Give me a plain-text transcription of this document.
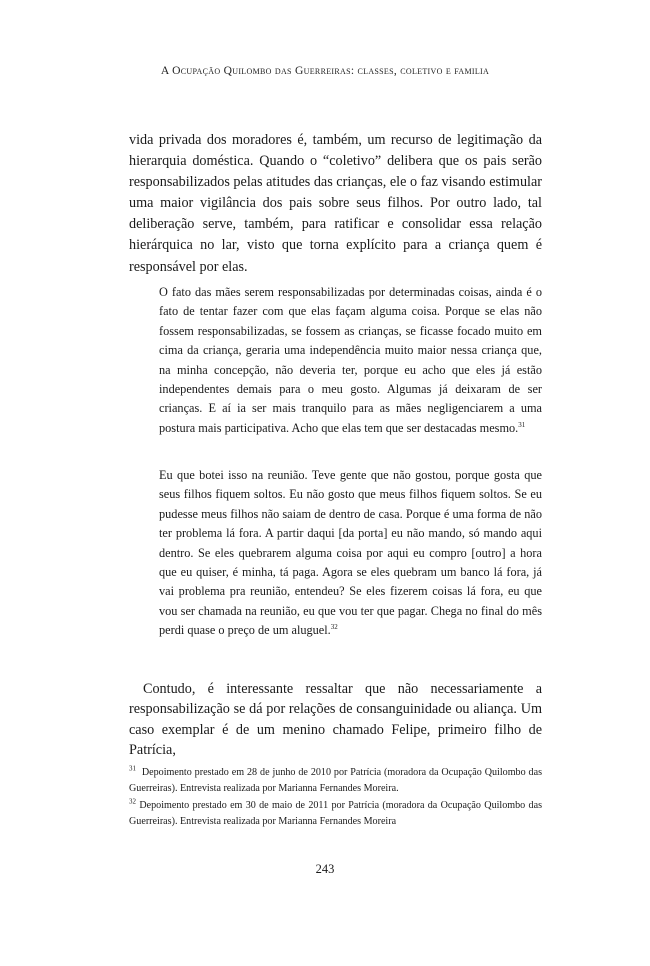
A Ocupação Quilombo das Guerreiras: classes, coletivo e familia

vida privada dos moradores é, também, um recurso de legitimação da hierarquia doméstica. Quando o “coletivo” delibera que os pais serão responsabilizados pelas atitudes das crianças, ele o faz visando estimular uma maior vigilância dos pais sobre seus filhos. Por outro lado, tal deliberação serve, também, para ratificar e consolidar essa relação hierárquica no lar, visto que torna explícito para a criança quem é responsável por elas.

O fato das mães serem responsabilizadas por determinadas coisas, ainda é o fato de tentar fazer com que elas façam alguma coisa. Porque se elas não fossem responsabilizadas, se fossem as crianças, se ficasse focado muito em cima da criança, geraria uma independência muito maior nessa criança que, na minha concepção, não deveria ter, porque eu acho que eles já estão independentes demais para o meu gosto. Algumas já deixaram de ser crianças. E aí ia ser mais tranquilo para as mães negligenciarem a uma postura mais participativa. Acho que elas tem que ser destacadas mesmo.$^{31}$

Eu que botei isso na reunião. Teve gente que não gostou, porque gosta que seus filhos fiquem soltos. Eu não gosto que meus filhos fiquem soltos. Se eu pudesse meus filhos não saiam de dentro de casa. Porque é uma forma de não ter problema lá fora. A partir daqui [da porta] eu não mando, só mando aqui dentro. Se eles quebrarem alguma coisa por aqui eu compro [outro] a hora que eu quiser, é minha, tá paga. Agora se eles quebram um banco lá fora, já vai problema pra reunião, entendeu? Se eles fizerem coisas lá fora, eu que vou ser chamada na reunião, eu que vou ter que pagar. Chega no final do mês perdi quase o preço de um aluguel.$^{32}$

Contudo, é interessante ressaltar que não necessariamente a responsabilização se dá por relações de consanguinidade ou aliança. Um caso exemplar é de um menino chamado Felipe, primeiro filho de Patrícia,

$^{31}$ Depoimento prestado em 28 de junho de 2010 por Patrícia (moradora da Ocupação Quilombo das Guerreiras). Entrevista realizada por Marianna Fernandes Moreira.

$^{32}$ Depoimento prestado em 30 de maio de 2011 por Patrícia (moradora da Ocupação Quilombo das Guerreiras). Entrevista realizada por Marianna Fernandes Moreira

243
